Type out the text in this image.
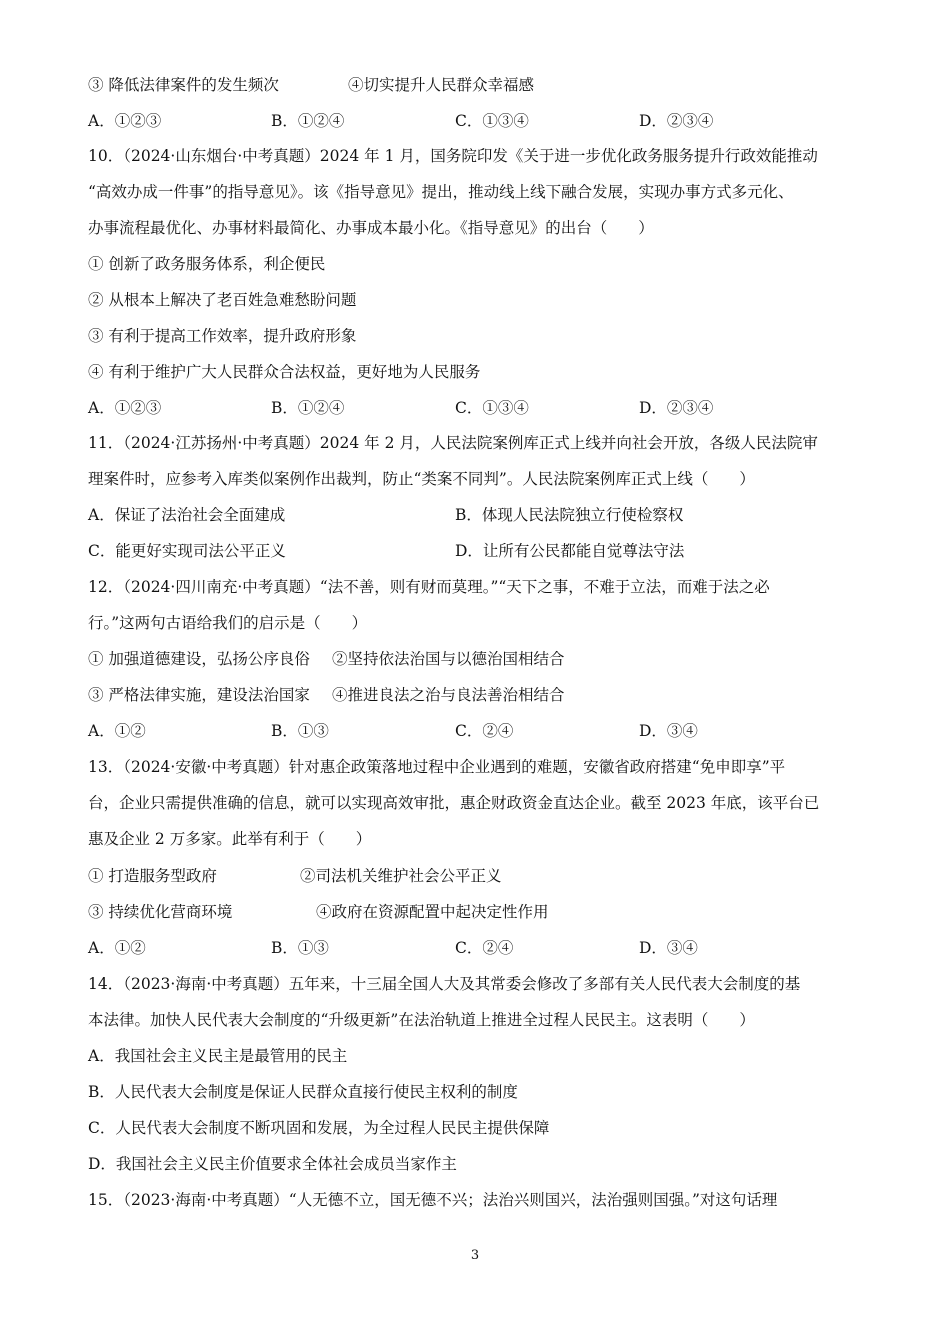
③ 降低法律案件的发生频次	④切实提升人民群众幸福感
A．①②③	B．①②④	C．①③④	D．②③④
10．（2024·山东烟台·中考真题）2024 年 1 月，国务院印发《关于进一步优化政务服务提升行政效能推动
“高效办成一件事”的指导意见》。该《指导意见》提出，推动线上线下融合发展，实现办事方式多元化、
办事流程最优化、办事材料最简化、办事成本最小化。《指导意见》的出台（　　）
① 创新了政务服务体系，利企便民
② 从根本上解决了老百姓急难愁盼问题
③ 有利于提高工作效率，提升政府形象
④ 有利于维护广大人民群众合法权益，更好地为人民服务
A．①②③	B．①②④	C．①③④	D．②③④
11．（2024·江苏扬州·中考真题）2024 年 2 月，人民法院案例库正式上线并向社会开放，各级人民法院审
理案件时，应参考入库类似案例作出裁判，防止“类案不同判”。人民法院案例库正式上线（　　）
A．保证了法治社会全面建成	B．体现人民法院独立行使检察权
C．能更好实现司法公平正义	D．让所有公民都能自觉尊法守法
12．（2024·四川南充·中考真题）“法不善，则有财而莫理。”“天下之事，不难于立法，而难于法之必
行。”这两句古语给我们的启示是（　　）
① 加强道德建设，弘扬公序良俗 ②坚持依法治国与以德治国相结合
③ 严格法律实施，建设法治国家 ④推进良法之治与良法善治相结合
A．①②	B．①③	C．②④	D．③④
13．（2024·安徽·中考真题）针对惠企政策落地过程中企业遇到的难题，安徽省政府搭建“免申即享”平
台，企业只需提供准确的信息，就可以实现高效审批，惠企财政资金直达企业。截至 2023 年底，该平台已
惠及企业 2 万多家。此举有利于（　　）
① 打造服务型政府	②司法机关维护社会公平正义
③ 持续优化营商环境	④政府在资源配置中起决定性作用
A．①②	B．①③	C．②④	D．③④
14．（2023·海南·中考真题）五年来，十三届全国人大及其常委会修改了多部有关人民代表大会制度的基
本法律。加快人民代表大会制度的“升级更新”在法治轨道上推进全过程人民民主。这表明（　　）
A．我国社会主义民主是最管用的民主
B．人民代表大会制度是保证人民群众直接行使民主权利的制度
C．人民代表大会制度不断巩固和发展，为全过程人民民主提供保障
D．我国社会主义民主价值要求全体社会成员当家作主
15．（2023·海南·中考真题）“人无德不立，国无德不兴；法治兴则国兴，法治强则国强。”对这句话理
3
